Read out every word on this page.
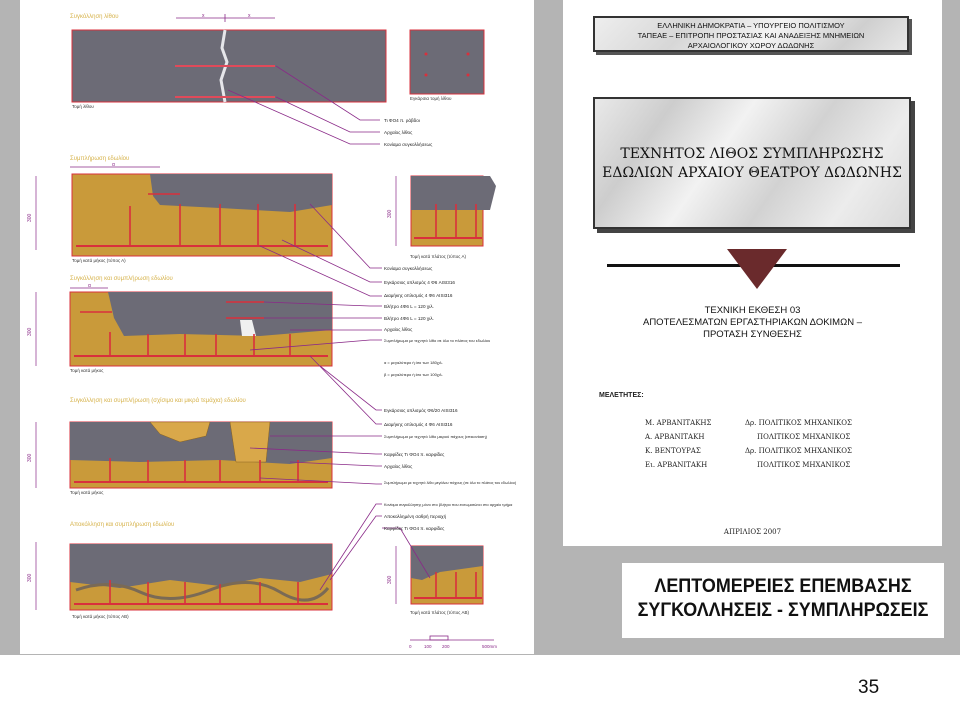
Συγκόλληση λίθου	x	x
Τομή λίθου
Εγκάρσια τομή λίθου
Συμπλήρωση εδωλίου
α
Τομή κατά μήκος (τύπος Α)
Τομή κατά πλάτος (τύπος Α)
Συγκόλληση και συμπλήρωση εδωλίου
α
Τομή κατά μήκος
Συγκόλληση και συμπλήρωση (σχίσιμο και μικρά τεμάχια) εδωλίου
Τομή κατά μήκος
Αποκόλληση και συμπλήρωση εδωλίου
Τομή κατά μήκος (τύπος ΑΒ)
Τομή κατά πλάτος (τύπος ΑΒ)
300	300
300
300
300	300
Τι ΦΟ4 π. ράβδοι
Αρχαίος λίθος
Κονίαμα συγκολλήσεως
Κονίαμα συγκολλήσεως
Εγκάρσιος οπλισμός 4 Φ6 AISI316
Διαμήκης οπλισμός 4 Φ6 AISI316
Βλήτρο 4Φ6 L = 120 χιλ.
Βλήτρο 4Φ6 L = 120 χιλ.
Αρχαίος λίθος
Συμπλήρωμα με τεχνητό λίθο σε όλο το πλάτος του εδωλίου
α = μεγαλύτερο ή ίσο των 180χιλ.
β = μεγαλύτερο ή ίσο των 100χιλ.
Εγκάρσιος οπλισμός Φ6/20 AISI316
Διαμήκης οπλισμός 4 Φ6 AISI316
Συμπλήρωμα με τεχνητό λίθο μικρού πάχους (επικονίαση)
Καρφίδες Τι ΦΟ4 π. καρφίδες
Αρχαίος λίθος
Συμπλήρωμα με τεχνητό λίθο μεγάλου πάχους (σε όλο το πλάτος του εδωλίου)
Κονίαμα συγκόλλησης μόνο στο βλήτρο που ενσωματώνει στο αρχαίο τμήμα
Αποκολλημένη σαθρή περιοχή
Καρφίδες Τι ΦΟ4 π. καρφίδες
0	100 200	500mm
ΕΛΛΗΝΙΚΗ ΔΗΜΟΚΡΑΤΙΑ – ΥΠΟΥΡΓΕΙΟ ΠΟΛΙΤΙΣΜΟΥ
ΤΑΠΕΑΕ – ΕΠΙΤΡΟΠΗ ΠΡΟΣΤΑΣΙΑΣ ΚΑΙ ΑΝΑΔΕΙΞΗΣ ΜΝΗΜΕΙΩΝ
ΑΡΧΑΙΟΛΟΓΙΚΟΥ ΧΩΡΟΥ ΔΩΔΩΝΗΣ
ΤΕΧΝΗΤΟΣ ΛΙΘΟΣ ΣΥΜΠΛΗΡΩΣΗΣ
ΕΔΩΛΙΩΝ ΑΡΧΑΙΟΥ ΘΕΑΤΡΟΥ ΔΩΔΩΝΗΣ
ΤΕΧΝΙΚΗ ΕΚΘΕΣΗ 03
ΑΠΟΤΕΛΕΣΜΑΤΩΝ ΕΡΓΑΣΤΗΡΙΑΚΩΝ ΔΟΚΙΜΩΝ –
ΠΡΟΤΑΣΗ ΣΥΝΘΕΣΗΣ
ΜΕΛΕΤΗΤΕΣ:
Μ. ΑΡΒΑΝΙΤΑΚΗΣ	Δρ. ΠΟΛΙΤΙΚΟΣ ΜΗΧΑΝΙΚΟΣ
Α. ΑΡΒΑΝΙΤΑΚΗ	ΠΟΛΙΤΙΚΟΣ ΜΗΧΑΝΙΚΟΣ
Κ. ΒΕΝΤΟΥΡΑΣ	Δρ. ΠΟΛΙΤΙΚΟΣ ΜΗΧΑΝΙΚΟΣ
Ει. ΑΡΒΑΝΙΤΑΚΗ	ΠΟΛΙΤΙΚΟΣ ΜΗΧΑΝΙΚΟΣ
ΑΠΡΙΛΙΟΣ 2007
ΛΕΠΤΟΜΕΡΕΙΕΣ ΕΠΕΜΒΑΣΗΣ
ΣΥΓΚΟΛΛΗΣΕΙΣ - ΣΥΜΠΛΗΡΩΣΕΙΣ
35
